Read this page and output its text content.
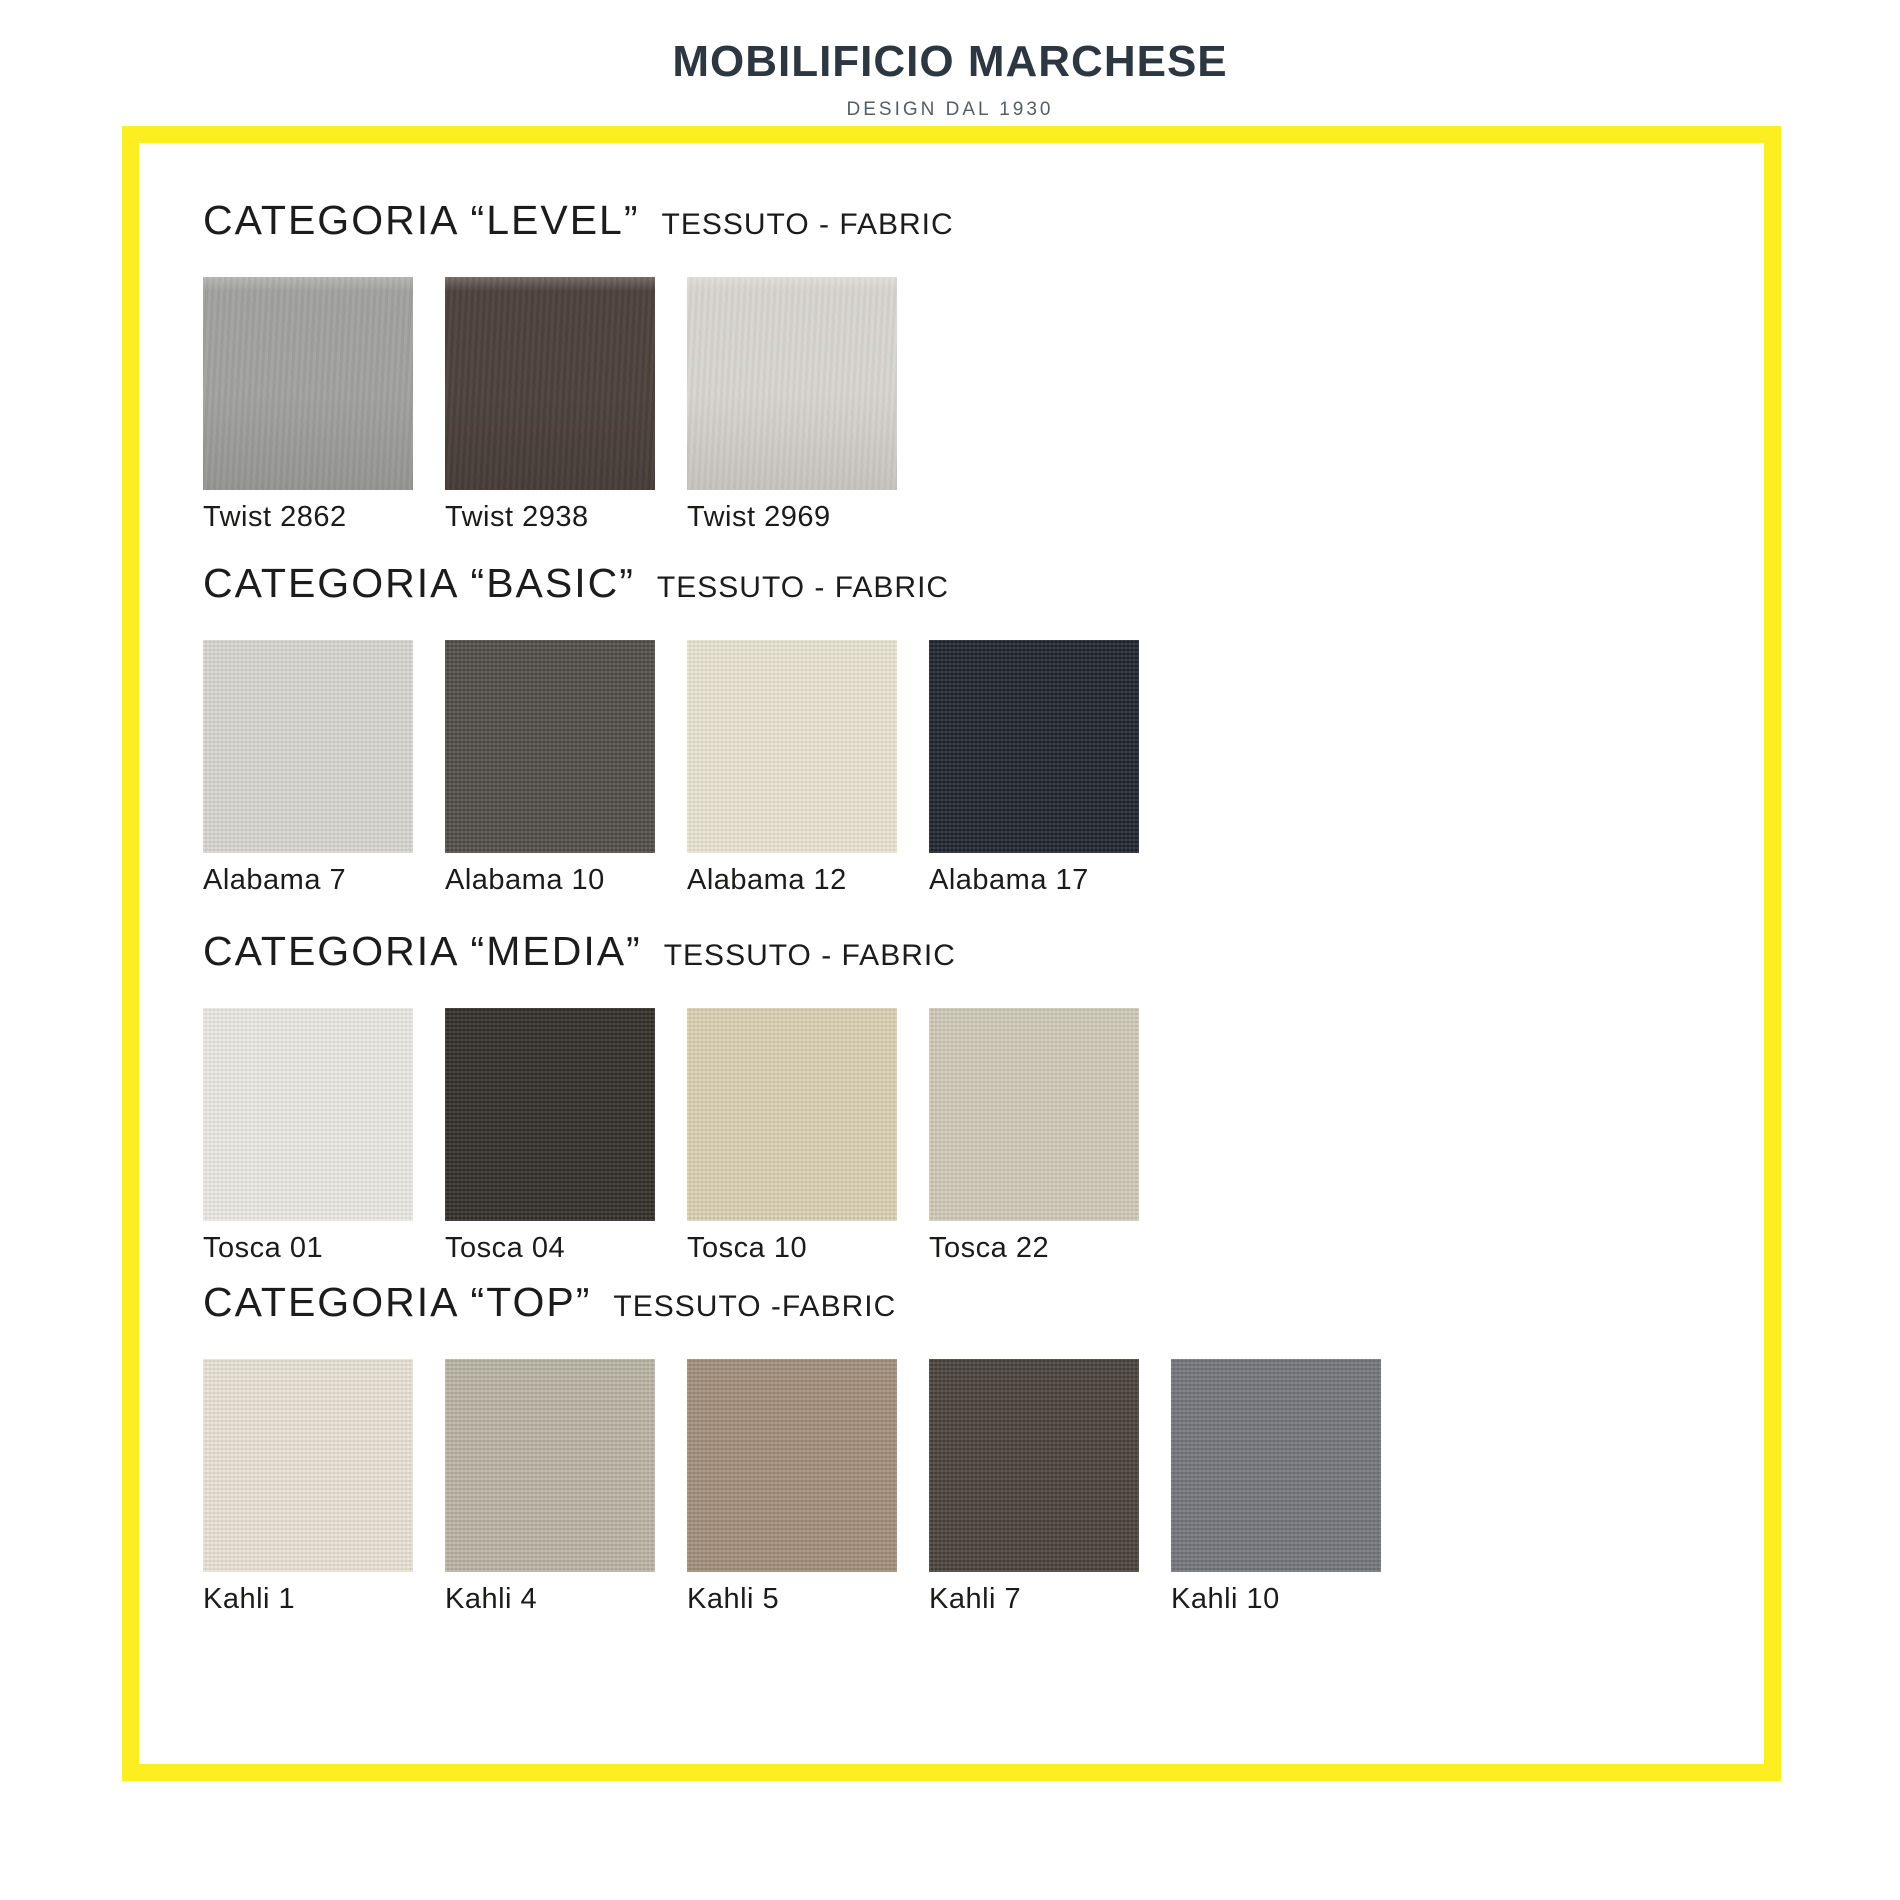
MOBILIFICIO MARCHESE
DESIGN DAL 1930
CATEGORIA “LEVEL” TESSUTO - FABRIC
Twist 2862	Twist 2938	Twist 2969
CATEGORIA “BASIC” TESSUTO - FABRIC
Alabama 7	Alabama 10	Alabama 12	Alabama 17
CATEGORIA “MEDIA” TESSUTO - FABRIC
Tosca 01	Tosca 04	Tosca 10	Tosca 22
CATEGORIA “TOP” TESSUTO -FABRIC
Kahli 1	Kahli 4	Kahli 5	Kahli 7	Kahli 10
